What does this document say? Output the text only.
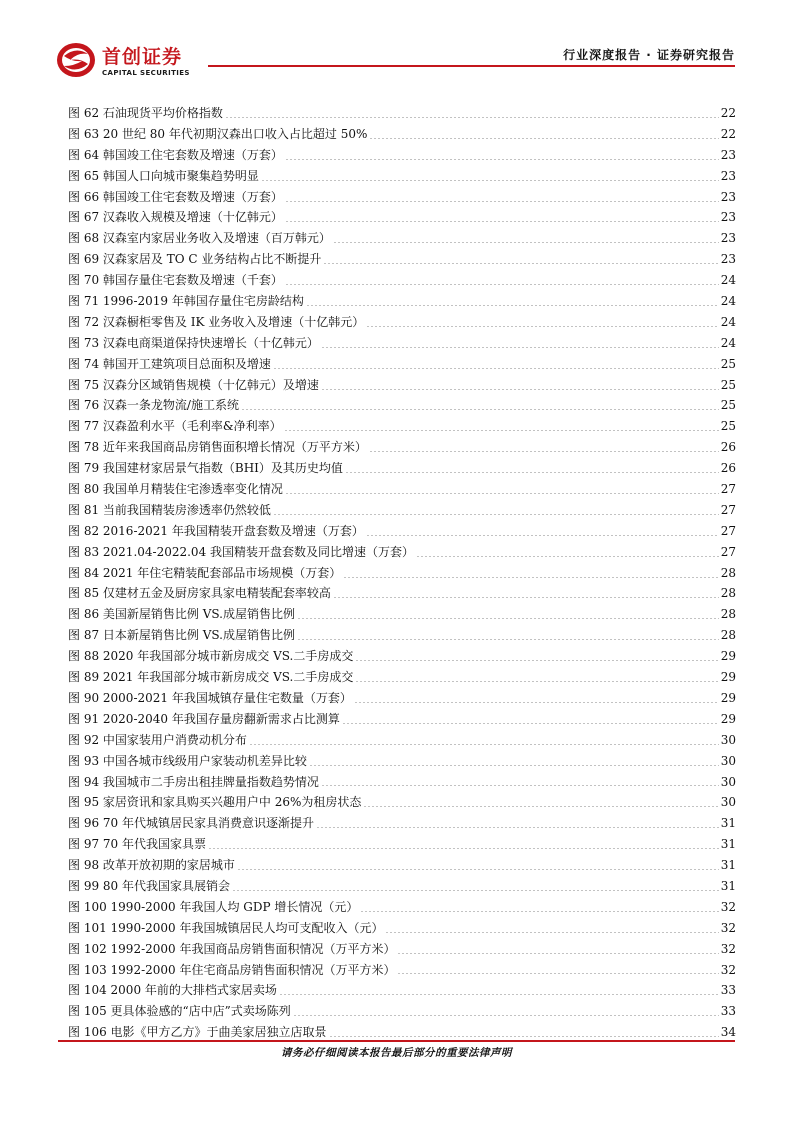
首创证券
CAPITAL SECURITIES
行业深度报告 · 证券研究报告
图 62 石油现货平均价格指数	22
图 63 20 世纪 80 年代初期汉森出口收入占比超过 50%	22
图 64 韩国竣工住宅套数及增速（万套）	23
图 65 韩国人口向城市聚集趋势明显	23
图 66 韩国竣工住宅套数及增速（万套）	23
图 67 汉森收入规模及增速（十亿韩元）	23
图 68 汉森室内家居业务收入及增速（百万韩元）	23
图 69 汉森家居及 TO C 业务结构占比不断提升	23
图 70 韩国存量住宅套数及增速（千套）	24
图 71 1996-2019 年韩国存量住宅房龄结构	24
图 72 汉森橱柜零售及 IK 业务收入及增速（十亿韩元）	24
图 73 汉森电商渠道保持快速增长（十亿韩元）	24
图 74 韩国开工建筑项目总面积及增速	25
图 75 汉森分区域销售规模（十亿韩元）及增速	25
图 76 汉森一条龙物流/施工系统	25
图 77 汉森盈利水平（毛利率&净利率）	25
图 78 近年来我国商品房销售面积增长情况（万平方米）	26
图 79 我国建材家居景气指数（BHI）及其历史均值	26
图 80 我国单月精装住宅渗透率变化情况	27
图 81 当前我国精装房渗透率仍然较低	27
图 82 2016-2021 年我国精装开盘套数及增速（万套）	27
图 83 2021.04-2022.04 我国精装开盘套数及同比增速（万套）	27
图 84 2021 年住宅精装配套部品市场规模（万套）	28
图 85 仅建材五金及厨房家具家电精装配套率较高	28
图 86 美国新屋销售比例 VS.成屋销售比例	28
图 87 日本新屋销售比例 VS.成屋销售比例	28
图 88 2020 年我国部分城市新房成交 VS.二手房成交	29
图 89 2021 年我国部分城市新房成交 VS.二手房成交	29
图 90 2000-2021 年我国城镇存量住宅数量（万套）	29
图 91 2020-2040 年我国存量房翻新需求占比测算	29
图 92 中国家装用户消费动机分布	30
图 93 中国各城市线级用户家装动机差异比较	30
图 94 我国城市二手房出租挂牌量指数趋势情况	30
图 95 家居资讯和家具购买兴趣用户中 26%为租房状态	30
图 96 70 年代城镇居民家具消费意识逐渐提升	31
图 97 70 年代我国家具票	31
图 98 改革开放初期的家居城市	31
图 99 80 年代我国家具展销会	31
图 100 1990-2000 年我国人均 GDP 增长情况（元）	32
图 101 1990-2000 年我国城镇居民人均可支配收入（元）	32
图 102 1992-2000 年我国商品房销售面积情况（万平方米）	32
图 103 1992-2000 年住宅商品房销售面积情况（万平方米）	32
图 104 2000 年前的大排档式家居卖场	33
图 105 更具体验感的“店中店”式卖场陈列	33
图 106 电影《甲方乙方》于曲美家居独立店取景	34
请务必仔细阅读本报告最后部分的重要法律声明
